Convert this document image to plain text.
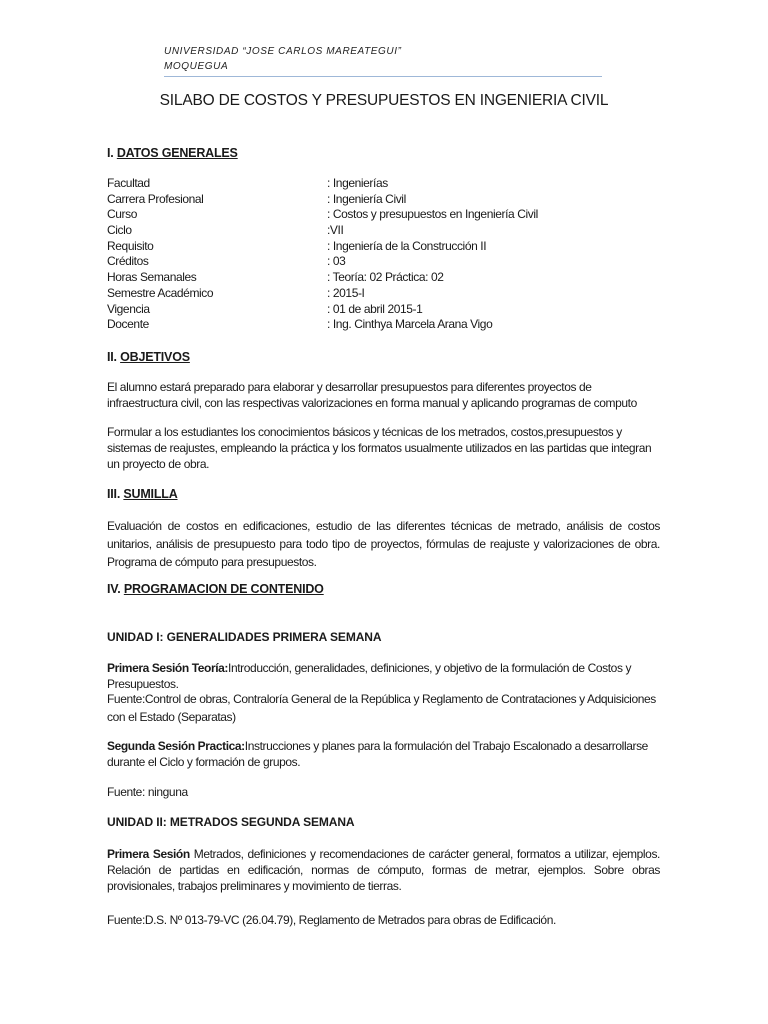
UNIVERSIDAD “JOSE CARLOS MAREATEGUI”
MOQUEGUA
SILABO DE COSTOS Y PRESUPUESTOS EN INGENIERIA CIVIL
I. DATOS GENERALES
Facultad	: Ingenierías
Carrera Profesional	: Ingeniería Civil
Curso	: Costos y presupuestos en Ingeniería Civil
Ciclo	:VII
Requisito	: Ingeniería de la Construcción II
Créditos	: 03
Horas Semanales	: Teoría: 02 Práctica: 02
Semestre Académico	: 2015-I
Vigencia	: 01 de abril 2015-1
Docente	: Ing. Cinthya Marcela Arana Vigo
II. OBJETIVOS
El alumno estará preparado para elaborar y desarrollar presupuestos para diferentes proyectos de infraestructura civil, con las respectivas valorizaciones en forma manual y aplicando programas de computo
Formular a los estudiantes los conocimientos básicos y técnicas de los metrados, costos,presupuestos y sistemas de reajustes, empleando la práctica y los formatos usualmente utilizados en las partidas que integran un proyecto de obra.
III. SUMILLA
Evaluación de costos en edificaciones, estudio de las diferentes técnicas de metrado, análisis de costos unitarios, análisis de presupuesto para todo tipo de proyectos, fórmulas de reajuste y valorizaciones de obra. Programa de cómputo para presupuestos.
IV. PROGRAMACION DE CONTENIDO
UNIDAD I: GENERALIDADES PRIMERA SEMANA
Primera Sesión Teoría:Introducción, generalidades, definiciones, y objetivo de la formulación de Costos y Presupuestos.
Fuente:Control de obras, Contraloría General de la República y Reglamento de Contrataciones y Adquisiciones con el Estado (Separatas)
Segunda Sesión Practica:Instrucciones y planes para la formulación del Trabajo Escalonado a desarrollarse durante el Ciclo y formación de grupos.
Fuente: ninguna
UNIDAD II: METRADOS SEGUNDA SEMANA
Primera Sesión Metrados, definiciones y recomendaciones de carácter general, formatos a utilizar, ejemplos. Relación de partidas en edificación, normas de cómputo, formas de metrar, ejemplos. Sobre obras provisionales, trabajos preliminares y movimiento de tierras.
Fuente:D.S. Nº 013-79-VC (26.04.79), Reglamento de Metrados para obras de Edificación.
